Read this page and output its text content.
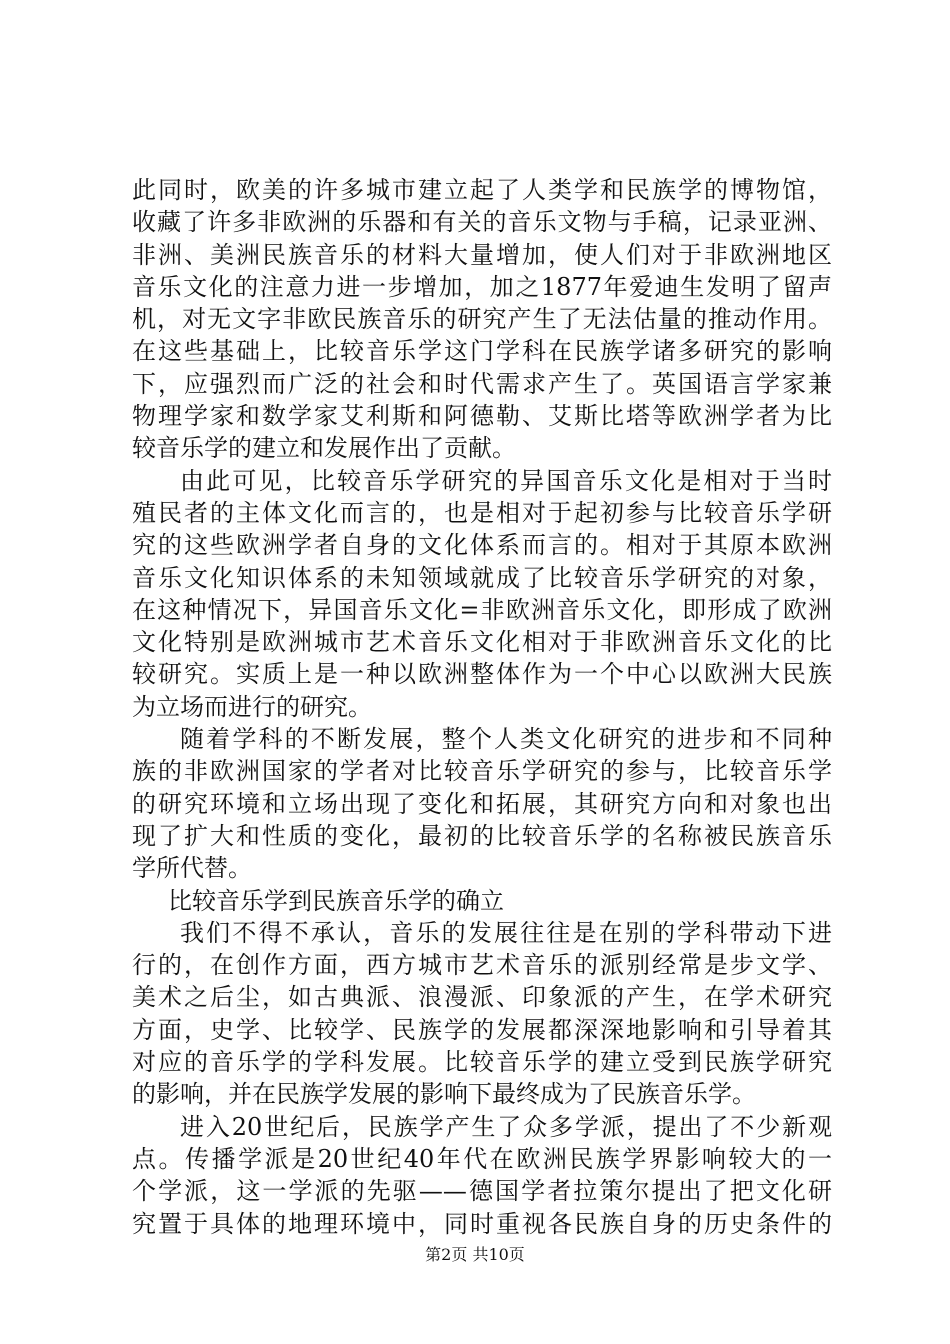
此同时，欧美的许多城市建立起了人类学和民族学的博物馆，
收藏了许多非欧洲的乐器和有关的音乐文物与手稿，记录亚洲、
非洲、美洲民族音乐的材料大量增加，使人们对于非欧洲地区
音乐文化的注意力进一步增加，加之1877年爱迪生发明了留声
机，对无文字非欧民族音乐的研究产生了无法估量的推动作用。
在这些基础上，比较音乐学这门学科在民族学诸多研究的影响
下，应强烈而广泛的社会和时代需求产生了。英国语言学家兼
物理学家和数学家艾利斯和阿德勒、艾斯比塔等欧洲学者为比
较音乐学的建立和发展作出了贡献。
由此可见，比较音乐学研究的异国音乐文化是相对于当时
殖民者的主体文化而言的，也是相对于起初参与比较音乐学研
究的这些欧洲学者自身的文化体系而言的。相对于其原本欧洲
音乐文化知识体系的未知领域就成了比较音乐学研究的对象，
在这种情况下，异国音乐文化=非欧洲音乐文化，即形成了欧洲
文化特别是欧洲城市艺术音乐文化相对于非欧洲音乐文化的比
较研究。实质上是一种以欧洲整体作为一个中心以欧洲大民族
为立场而进行的研究。
随着学科的不断发展，整个人类文化研究的进步和不同种
族的非欧洲国家的学者对比较音乐学研究的参与，比较音乐学
的研究环境和立场出现了变化和拓展，其研究方向和对象也出
现了扩大和性质的变化，最初的比较音乐学的名称被民族音乐
学所代替。
比较音乐学到民族音乐学的确立
我们不得不承认，音乐的发展往往是在别的学科带动下进
行的，在创作方面，西方城市艺术音乐的派别经常是步文学、
美术之后尘，如古典派、浪漫派、印象派的产生，在学术研究
方面，史学、比较学、民族学的发展都深深地影响和引导着其
对应的音乐学的学科发展。比较音乐学的建立受到民族学研究
的影响，并在民族学发展的影响下最终成为了民族音乐学。
进入20世纪后，民族学产生了众多学派，提出了不少新观
点。传播学派是20世纪40年代在欧洲民族学界影响较大的一
个学派，这一学派的先驱——德国学者拉策尔提出了把文化研
究置于具体的地理环境中，同时重视各民族自身的历史条件的
第2页 共10页
